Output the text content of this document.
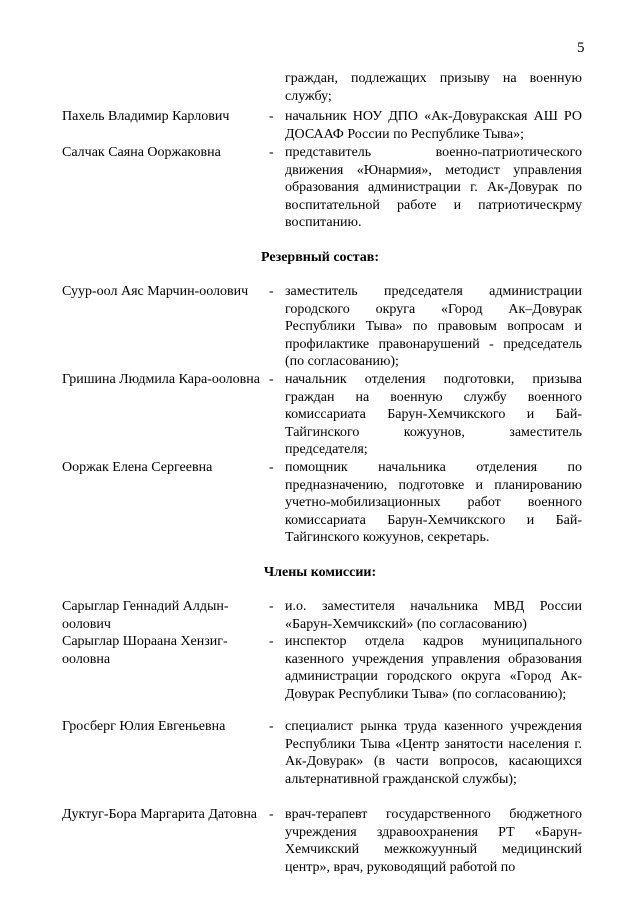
5
граждан, подлежащих призыву на военную службу;
Пахель Владимир Карлович	- начальник НОУ ДПО «Ак-Довуракская АШ РО ДОСААФ России по Республике Тыва»;
Салчак Саяна Ооржаковна	- представитель военно-патриотического движения «Юнармия», методист управления образования администрации г. Ак-Довурак по воспитательной работе и патриотическрму воспитанию.
Резервный состав:
Суур-оол Аяс Марчин-оолович	- заместитель председателя администрации городского округа «Город Ак–Довурак Республики Тыва» по правовым вопросам и профилактике правонарушений - председатель (по согласованию);
Гришина Людмила Кара-ооловна - начальник отделения подготовки, призыва граждан на военную службу военного комиссариата Барун-Хемчикского и Бай-Тайгинского кожуунов, заместитель председателя;
Ооржак Елена Сергеевна	- помощник начальника отделения по предназначению, подготовке и планированию учетно-мобилизационных работ военного комиссариата Барун-Хемчикского и Бай-Тайгинского кожуунов, секретарь.
Члены комиссии:
Сарыглар Геннадий Алдын-оолович
- и.о. заместителя начальника МВД России «Барун-Хемчикский» (по согласованию)
Сарыглар Шораана Хензиг-ооловна
- инспектор отдела кадров муниципального казенного учреждения управления образования администрации городского округа «Город Ак-Довурак Республики Тыва» (по согласованию);
Гросберг Юлия Евгеньевна	- специалист рынка труда казенного учреждения Республики Тыва «Центр занятости населения г. Ак-Довурак» (в части вопросов, касающихся альтернативной гражданской службы);
Дуктуг-Бора Маргарита Датовна - врач-терапевт государственного бюджетного учреждения здравоохранения РТ «Барун-Хемчикский межкожуунный медицинский центр», врач, руководящий работой по
